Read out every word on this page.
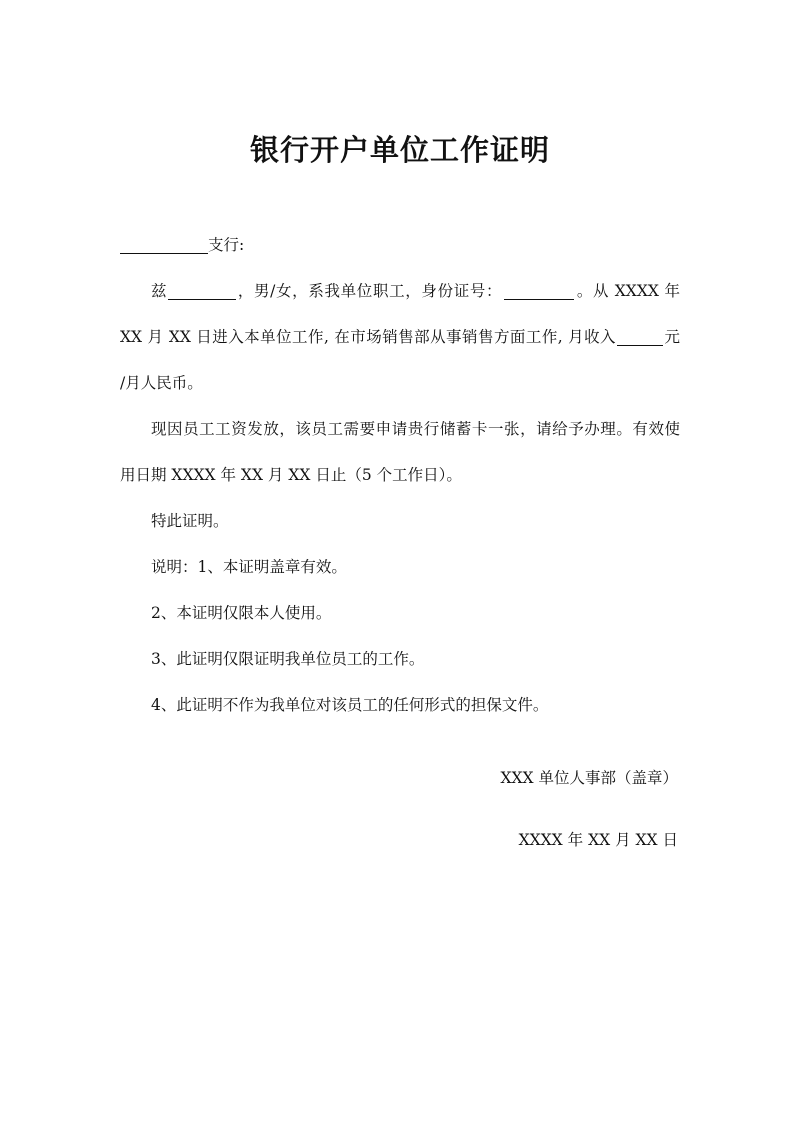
银行开户单位工作证明

支行:

兹	，男/女，系我单位职工，身份证号：	。从 XXXX 年

XX 月 XX 日进入本单位工作, 在市场销售部从事销售方面工作, 月收入	元

/月人民币。

现因员工工资发放，该员工需要申请贵行储蓄卡一张，请给予办理。有效使

用日期 XXXX 年 XX 月 XX 日止（5 个工作日）。

特此证明。

说明：1、本证明盖章有效。

2、本证明仅限本人使用。

3、此证明仅限证明我单位员工的工作。

4、此证明不作为我单位对该员工的任何形式的担保文件。

XXX 单位人事部（盖章）
XXXX 年 XX 月 XX 日
